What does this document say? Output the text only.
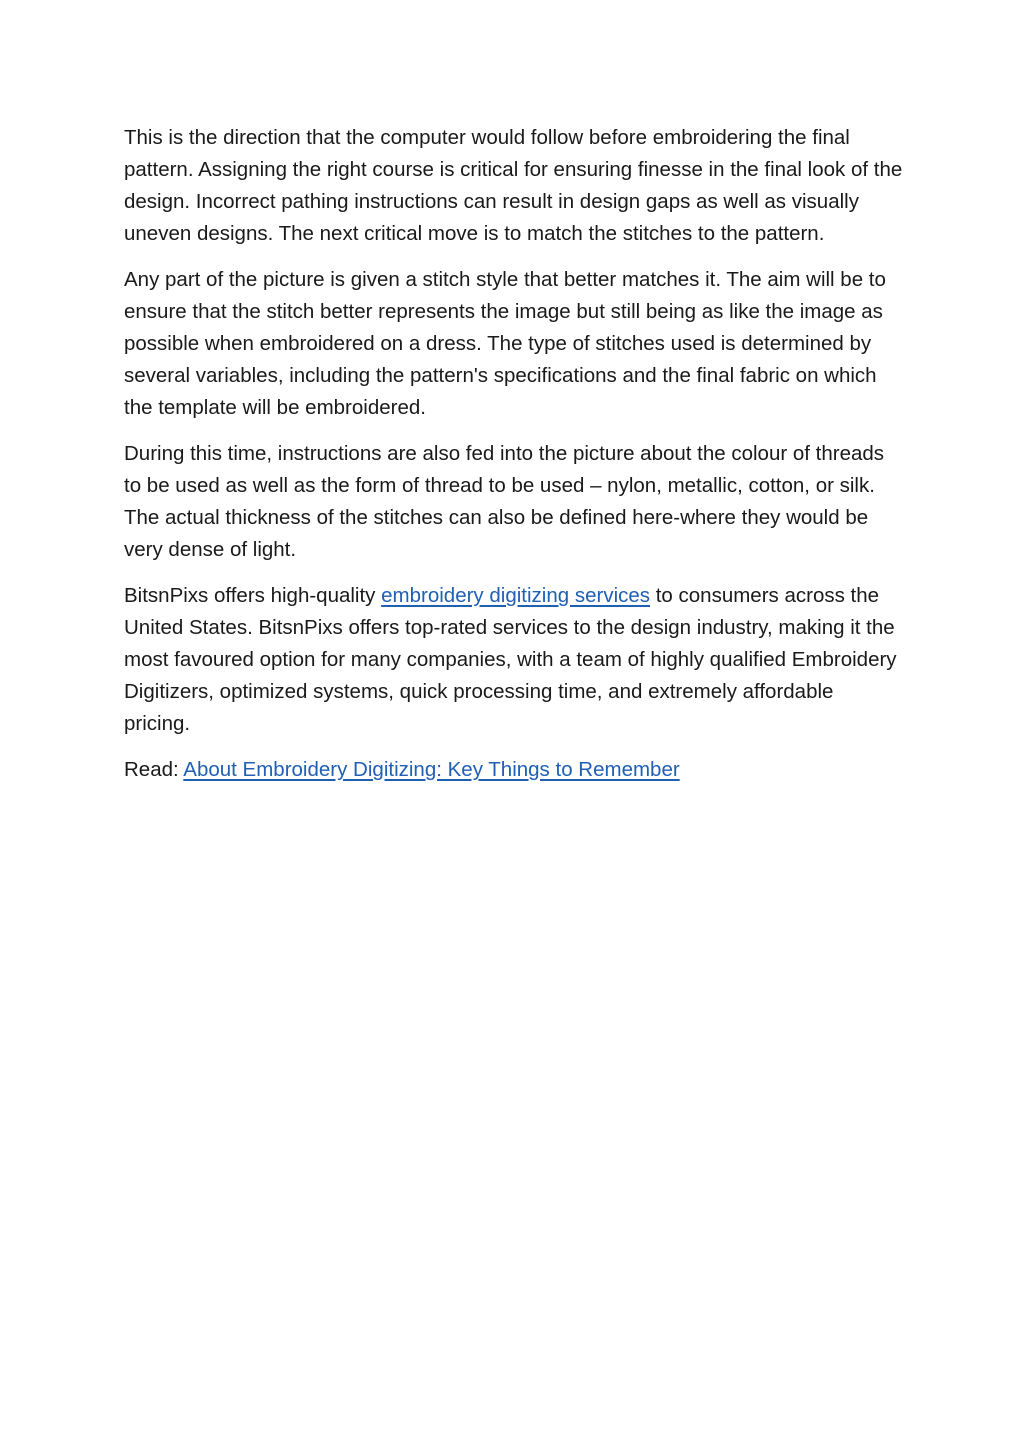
This is the direction that the computer would follow before embroidering the final pattern. Assigning the right course is critical for ensuring finesse in the final look of the design. Incorrect pathing instructions can result in design gaps as well as visually uneven designs. The next critical move is to match the stitches to the pattern.

Any part of the picture is given a stitch style that better matches it. The aim will be to ensure that the stitch better represents the image but still being as like the image as possible when embroidered on a dress. The type of stitches used is determined by several variables, including the pattern's specifications and the final fabric on which the template will be embroidered.

During this time, instructions are also fed into the picture about the colour of threads to be used as well as the form of thread to be used – nylon, metallic, cotton, or silk. The actual thickness of the stitches can also be defined here-where they would be very dense of light.

BitsnPixs offers high-quality embroidery digitizing services to consumers across the United States. BitsnPixs offers top-rated services to the design industry, making it the most favoured option for many companies, with a team of highly qualified Embroidery Digitizers, optimized systems, quick processing time, and extremely affordable pricing.

Read: About Embroidery Digitizing: Key Things to Remember
